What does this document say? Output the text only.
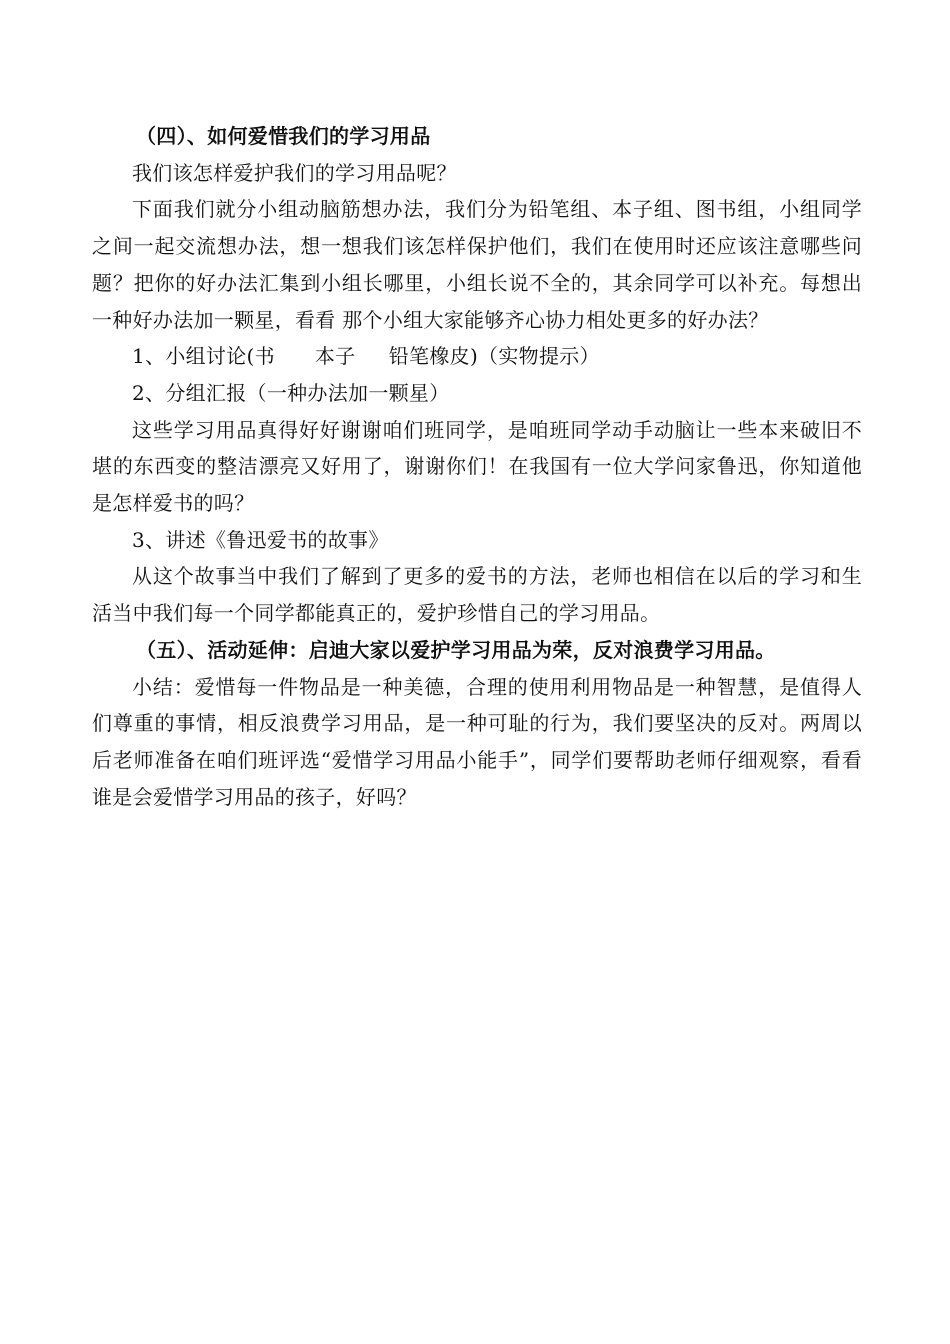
（四）、如何爱惜我们的学习用品

我们该怎样爱护我们的学习用品呢？

下面我们就分小组动脑筋想办法，我们分为铅笔组、本子组、图书组，小组同学之间一起交流想办法，想一想我们该怎样保护他们，我们在使用时还应该注意哪些问题？把你的好办法汇集到小组长哪里，小组长说不全的，其余同学可以补充。每想出一种好办法加一颗星，看看 那个小组大家能够齐心协力相处更多的好办法？

1、小组讨论(书      本子     铅笔橡皮)（实物提示）

2、分组汇报（一种办法加一颗星）

这些学习用品真得好好谢谢咱们班同学，是咱班同学动手动脑让一些本来破旧不堪的东西变的整洁漂亮又好用了，谢谢你们！在我国有一位大学问家鲁迅，你知道他是怎样爱书的吗？

3、讲述《鲁迅爱书的故事》

从这个故事当中我们了解到了更多的爱书的方法，老师也相信在以后的学习和生活当中我们每一个同学都能真正的，爱护珍惜自己的学习用品。

（五）、活动延伸：启迪大家以爱护学习用品为荣，反对浪费学习用品。

小结：爱惜每一件物品是一种美德，合理的使用利用物品是一种智慧，是值得人们尊重的事情，相反浪费学习用品，是一种可耻的行为，我们要坚决的反对。两周以后老师准备在咱们班评选“爱惜学习用品小能手”，同学们要帮助老师仔细观察，看看谁是会爱惜学习用品的孩子，好吗？
